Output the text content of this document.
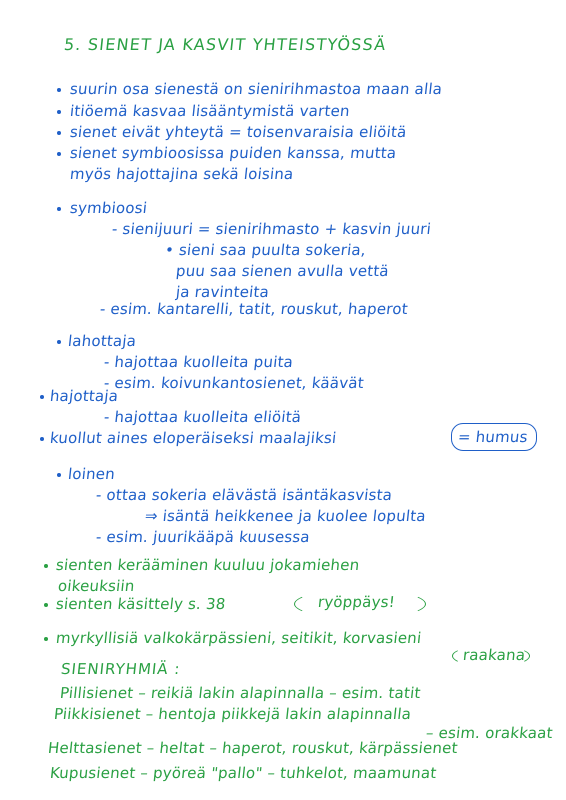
5. SIENET JA KASVIT YHTEISTYÖSSÄ
suurin osa sienestä on sienirihmastoa maan alla
itiöemä kasvaa lisääntymistä varten
sienet eivät yhteytä = toisenvaraisia eliöitä
sienet symbioosissa puiden kanssa, mutta
myös hajottajina sekä loisina
symbioosi
- sienijuuri = sienirihmasto + kasvin juuri
• sieni saa puulta sokeria,
puu saa sienen avulla vettä
ja ravinteita
- esim. kantarelli, tatit, rouskut, haperot
lahottaja
- hajottaa kuolleita puita
- esim. koivunkantosienet, käävät
hajottaja
- hajottaa kuolleita eliöitä
kuollut aines eloperäiseksi maalajiksi	= humus
loinen
- ottaa sokeria elävästä isäntäkasvista
⇒ isäntä heikkenee ja kuolee lopulta
- esim. juurikääpä kuusessa
sienten kerääminen kuuluu jokamiehen
oikeuksiin
sienten käsittely s. 38	ryöppäys!
myrkyllisiä valkokärpässieni, seitikit, korvasieni
raakana
SIENIRYHMIÄ :
Pillisienet – reikiä lakin alapinnalla – esim. tatit
Piikkisienet – hentoja piikkejä lakin alapinnalla
– esim. orakkaat
Helttasienet – heltat – haperot, rouskut, kärpässienet
Kupusienet – pyöreä "pallo" – tuhkelot, maamunat
